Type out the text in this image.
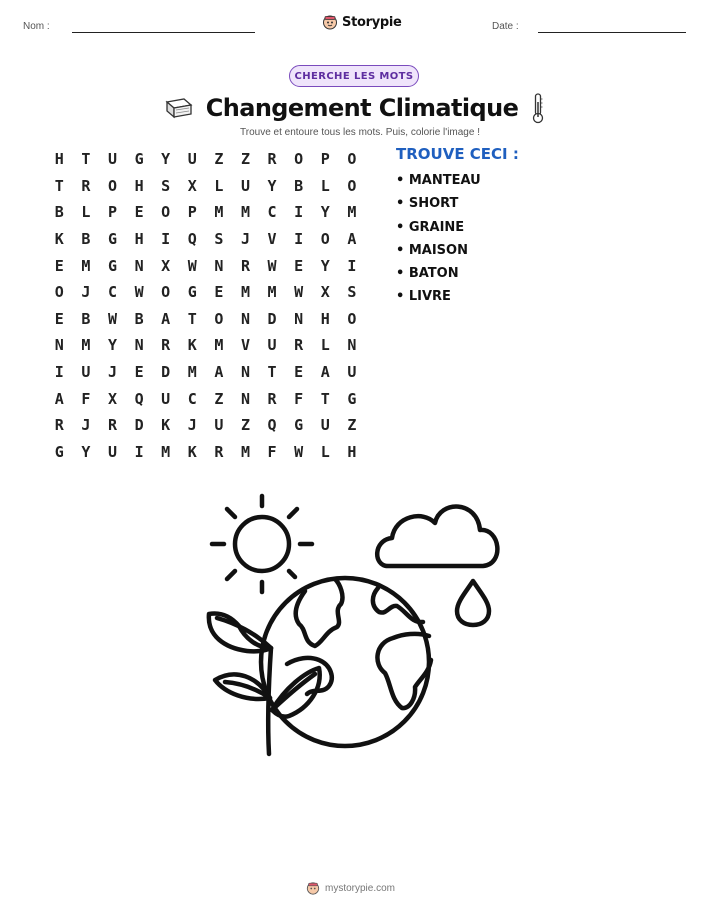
Nom :	Storypie	Date :
CHERCHE LES MOTS
Changement Climatique
Trouve et entoure tous les mots. Puis, colorie l'image !
H	T	U	G	Y	U	Z	Z	R	O	P	O
T	R	O	H	S	X	L	U	Y	B	L	O
B	L	P	E	O	P	M	M	C	I	Y	M
K	B	G	H	I	Q	S	J	V	I	O	A
E	M	G	N	X	W	N	R	W	E	Y	I
O	J	C	W	O	G	E	M	M	W	X	S
E	B	W	B	A	T	O	N	D	N	H	O
N	M	Y	N	R	K	M	V	U	R	L	N
I	U	J	E	D	M	A	N	T	E	A	U
A	F	X	Q	U	C	Z	N	R	F	T	G
R	J	R	D	K	J	U	Z	Q	G	U	Z
G	Y	U	I	M	K	R	M	F	W	L	H
TROUVE CECI :
• MANTEAU
• SHORT
• GRAINE
• MAISON
• BATON
• LIVRE
mystorypie.com
